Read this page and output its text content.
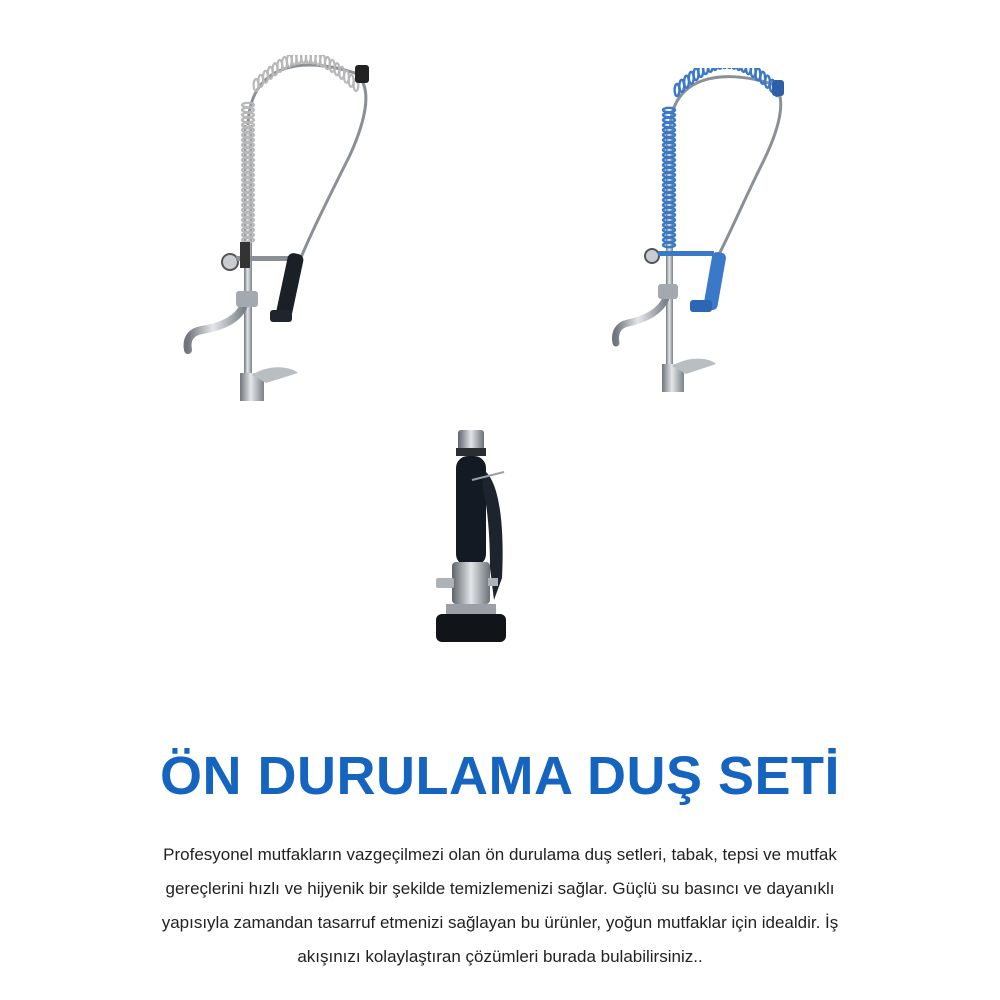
ÖN DURULAMA DUŞ SETİ

Profesyonel mutfakların vazgeçilmezi olan ön durulama duş setleri, tabak, tepsi ve mutfak gereçlerini hızlı ve hijyenik bir şekilde temizlemenizi sağlar. Güçlü su basıncı ve dayanıklı yapısıyla zamandan tasarruf etmenizi sağlayan bu ürünler, yoğun mutfaklar için idealdir. İş akışınızı kolaylaştıran çözümleri burada bulabilirsiniz..
